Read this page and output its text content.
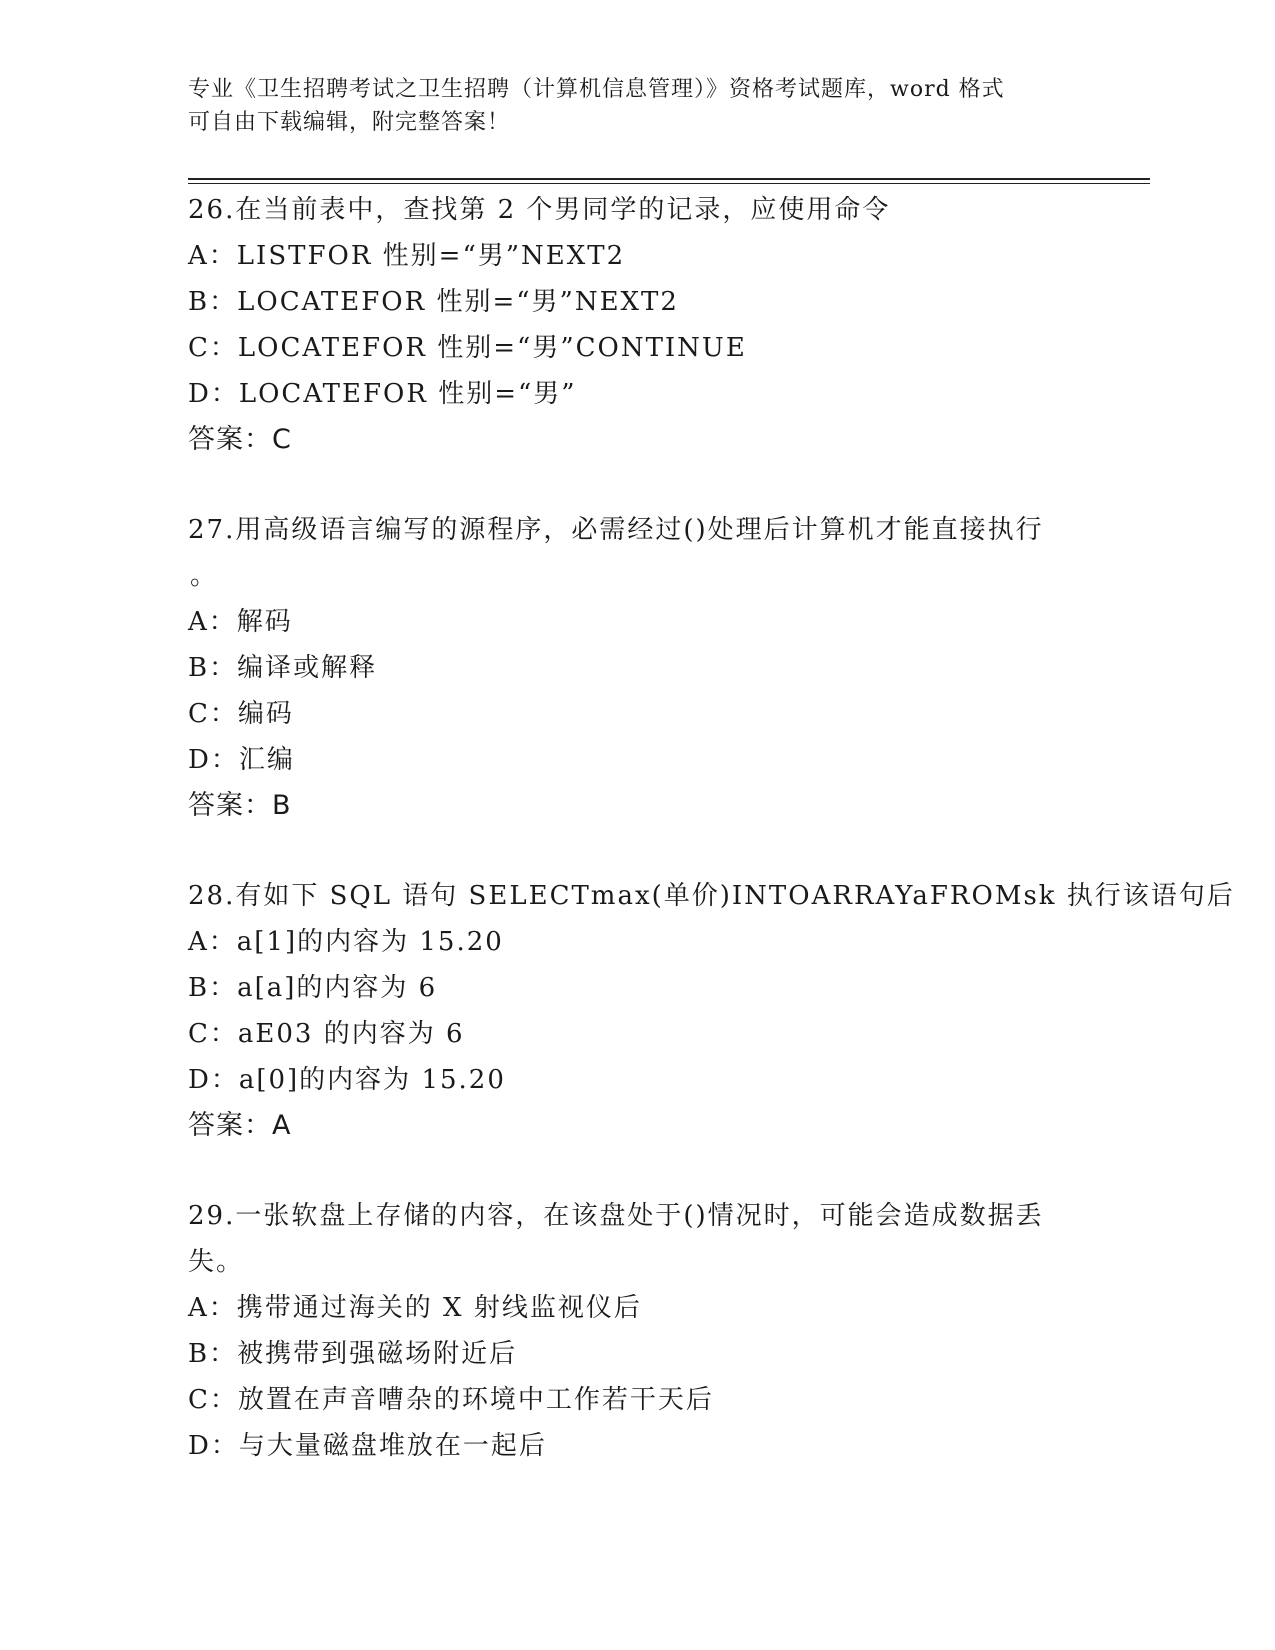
专业《卫生招聘考试之卫生招聘（计算机信息管理）》资格考试题库，word 格式
可自由下载编辑，附完整答案！
26.在当前表中，查找第 2 个男同学的记录，应使用命令
A：LISTFOR 性别=“男”NEXT2
B：LOCATEFOR 性别=“男”NEXT2
C：LOCATEFOR 性别=“男”CONTINUE
D：LOCATEFOR 性别=“男”
答案：C
27.用高级语言编写的源程序，必需经过()处理后计算机才能直接执行
。
A：解码
B：编译或解释
C：编码
D：汇编
答案：B
28.有如下 SQL 语句 SELECTmax(单价)INTOARRAYaFROMsk 执行该语句后
A：a[1]的内容为 15.20
B：a[a]的内容为 6
C：aE03 的内容为 6
D：a[0]的内容为 15.20
答案：A
29.一张软盘上存储的内容，在该盘处于()情况时，可能会造成数据丢
失。
A：携带通过海关的 X 射线监视仪后
B：被携带到强磁场附近后
C：放置在声音嘈杂的环境中工作若干天后
D：与大量磁盘堆放在一起后
